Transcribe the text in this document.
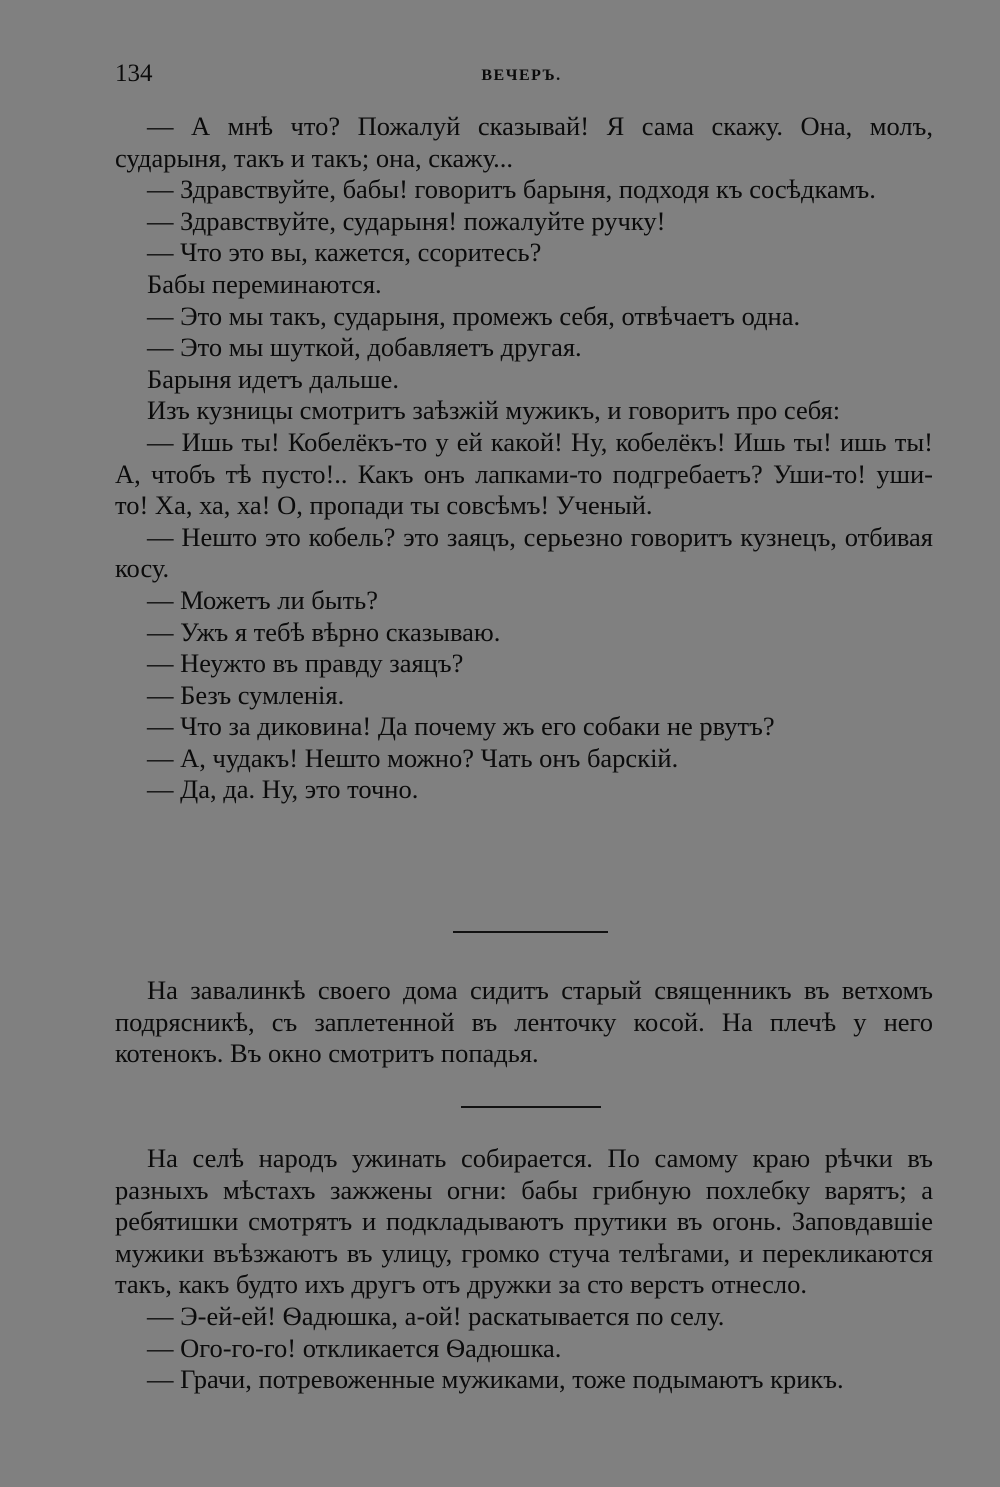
134	ВЕЧЕРЪ.

— А мнѣ что? Пожалуй сказывай! Я сама скажу. Она, молъ, сударыня, такъ и такъ; она, скажу...

— Здравствуйте, бабы! говоритъ барыня, подходя къ сосѣдкамъ.

— Здравствуйте, сударыня! пожалуйте ручку!

— Что это вы, кажется, ссоритесь?

Бабы переминаются.

— Это мы такъ, сударыня, промежъ себя, отвѣчаетъ одна.

— Это мы шуткой, добавляетъ другая.

Барыня идетъ дальше.

Изъ кузницы смотритъ заѣзжій мужикъ, и говоритъ про себя:

— Ишь ты! Кобелёкъ-то у ей какой! Ну, кобелёкъ! Ишь ты! ишь ты! А, чтобъ тѣ пусто!.. Какъ онъ лапками-то подгребаетъ? Уши-то! уши-то! Ха, ха, ха! О, пропади ты совсѣмъ! Ученый.

— Нешто это кобель? это заяцъ, серьезно говоритъ кузнецъ, отбивая косу.

— Можетъ ли быть?

— Ужъ я тебѣ вѣрно сказываю.

— Неужто въ правду заяцъ?

— Безъ сумленія.

— Что за диковина! Да почему жъ его собаки не рвутъ?

— А, чудакъ! Нешто можно? Чать онъ барскій.

— Да, да. Ну, это точно.

На завалинкѣ своего дома сидитъ старый священникъ въ ветхомъ подрясникѣ, съ заплетенной въ ленточку косой. На плечѣ у него котенокъ. Въ окно смотритъ попадья.

На селѣ народъ ужинать собирается. По самому краю рѣчки въ разныхъ мѣстахъ зажжены огни: бабы грибную похлебку варятъ; а ребятишки смотрятъ и подкладываютъ прутики въ огонь. Заповдавшіе мужики въѣзжаютъ въ улицу, громко стуча телѣгами, и перекликаются такъ, какъ будто ихъ другъ отъ дружки за сто верстъ отнесло.

— Э-ей-ей! Ѳадюшка, а-ой! раскатывается по селу.

— Ого-го-го! откликается Ѳадюшка.

— Грачи, потревоженные мужиками, тоже подымаютъ крикъ.
